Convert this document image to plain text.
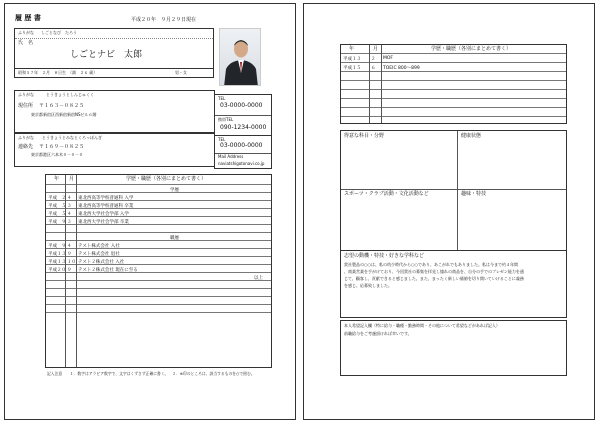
履 歴 書	平成２０年　９月２９日現在
ふりがな しごとなび　たろう
氏　名
しごとナビ　太郎
昭和５７年　２月　８日生　（満　２６ 歳）	男・女
ふりがな　　　とうきょうとしんじゅくく
現住所 〒１６３－０８２５
東京都新宿区西新宿新宿NSビル６階
TEL
03-0000-0000
携帯TEL
090-1234-0000
ふりがな　　とうきょうとみなとくろっぽんぎ
連絡先 〒１６９－０８２５
東京都港区六本木０－０－０
TEL
03-0000-0000
Mail Address
naviatshigotonavi.co.jp
年 月	学歴・職歴（各別にまとめて書く）
学歴
平成　２ ４ 東北西高等学校普通科 入学
平成　５ ３ 東北西高等学校普通科 卒業
平成　５ ４ 東北西大学社会学部 入学
平成　９ ３ 東北西大学社会学部 卒業
職歴
平成　９ ４ テスト株式会社 入社
平成１３ ９ テスト株式会社 退社
平成１３ １０ テスト２株式会社 入社
平成２０ ９ テスト２株式会社 現在に至る
以上
記入注意　　１．数字はアラビア数字で、文字はくずさず正確に書く。　２．※印のところは、該当するものを○で囲む。
年	月	学歴・職歴（各別にまとめて書く）
平成１３ ２ MOF
平成１５ ６ TOEIC 800～899
得意な科目・分野	健康状態
スポーツ・クラブ活動・文化活動など	趣味・特技
志望の動機・特技・好きな学科など
貴社製品の○○は、私の幼少時代から○○であり、あこがれでもありました。私は今まで約４年間
、商業営業を手がけており、今回貴社の募集を拝見し憧れの商品を、自分の手でのプレゼン能力を通
じて、顧客し、貢献できると感じました。また、まったく新しい価値を切り開いていけることに義務
を感じ、応募致しました。
本人希望記入欄（特に給与・職種・勤務時間・その他について希望などがあれば記入）
前職給与をご考慮頂ければ幸いです。
